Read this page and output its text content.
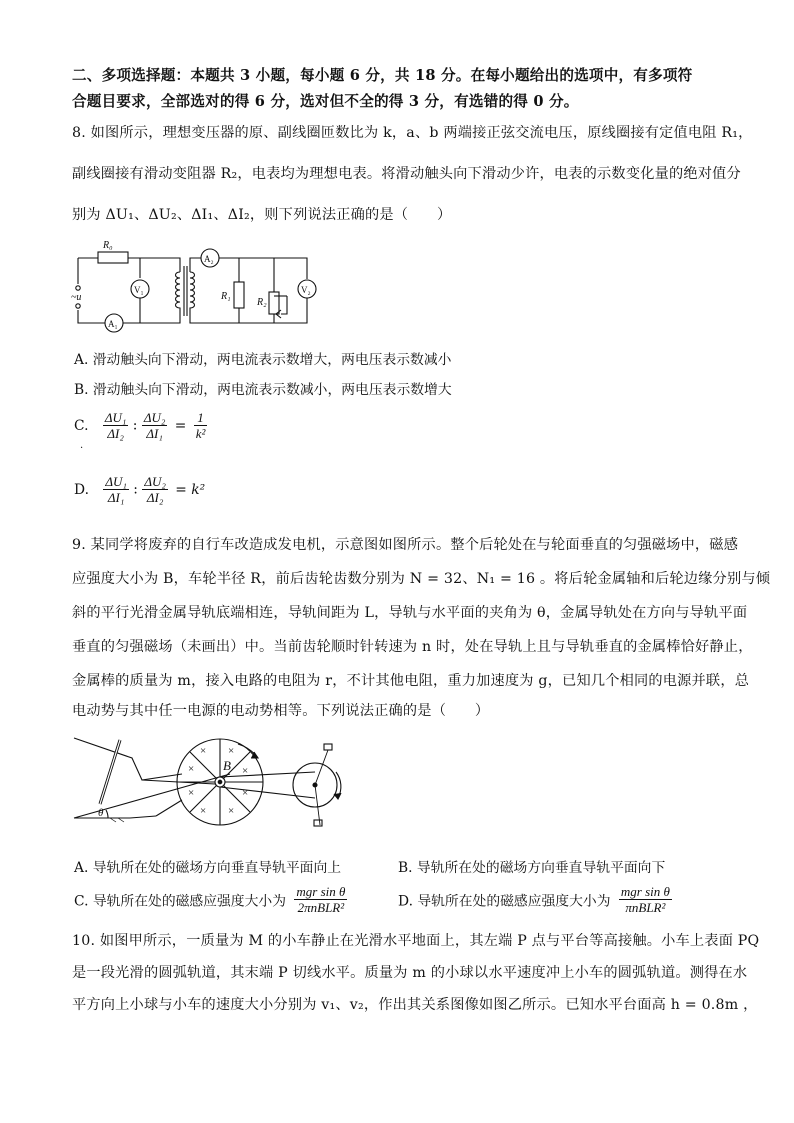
二、多项选择题：本题共 3 小题，每小题 6 分，共 18 分。在每小题给出的选项中，有多项符
合题目要求，全部选对的得 6 分，选对但不全的得 3 分，有选错的得 0 分。
8. 如图所示，理想变压器的原、副线圈匝数比为 k，a、b 两端接正弦交流电压，原线圈接有定值电阻 R₁，
副线圈接有滑动变阻器 R₂，电表均为理想电表。将滑动触头向下滑动少许，电表的示数变化量的绝对值分
别为 ΔU₁、ΔU₂、ΔI₁、ΔI₂，则下列说法正确的是（　　）
R₀
~u
V₁
A₁
A₂
R₁
R₂
V₂
A. 滑动触头向下滑动，两电流表示数增大，两电压表示数减小
B. 滑动触头向下滑动，两电流表示数减小，两电压表示数增大
C. $\frac{\text{ΔU₁}}{\text{ΔI₂}}$ : $\frac{\text{ΔU₂}}{\text{ΔI₁}} = \frac{1}{\text{k²}}$
.
D. $\frac{\text{ΔU₁}}{\text{ΔI₁}}$ : $\frac{\text{ΔU₂}}{\text{ΔI₂}} = k^2$
9. 某同学将废弃的自行车改造成发电机，示意图如图所示。整个后轮处在与轮面垂直的匀强磁场中，磁感
应强度大小为 B，车轮半径 R，前后齿轮齿数分别为 N = 32、N₁ = 16 。将后轮金属轴和后轮边缘分别与倾
斜的平行光滑金属导轨底端相连，导轨间距为 L，导轨与水平面的夹角为 θ，金属导轨处在方向与导轨平面
垂直的匀强磁场（未画出）中。当前齿轮顺时针转速为 n 时，处在导轨上且与导轨垂直的金属棒恰好静止，
金属棒的质量为 m，接入电路的电阻为 r，不计其他电阻，重力加速度为 g，已知几个相同的电源并联，总
电动势与其中任一电源的电动势相等。下列说法正确的是（　　）
× ×
×	×
×	×
× ×
B
θ
A. 导轨所在处的磁场方向垂直导轨平面向上	B. 导轨所在处的磁场方向垂直导轨平面向下
C. 导轨所在处的磁感应强度大小为 $\frac{\text{mgr sin θ}}{\text{2πnBLR²}}$	D. 导轨所在处的磁感应强度大小为 $\frac{\text{mgr sin θ}}{\text{πnBLR²}}$
10. 如图甲所示，一质量为 M 的小车静止在光滑水平地面上，其左端 P 点与平台等高接触。小车上表面 PQ
是一段光滑的圆弧轨道，其末端 P 切线水平。质量为 m 的小球以水平速度冲上小车的圆弧轨道。测得在水
平方向上小球与小车的速度大小分别为 v₁、v₂，作出其关系图像如图乙所示。已知水平台面高 h = 0.8m ，
